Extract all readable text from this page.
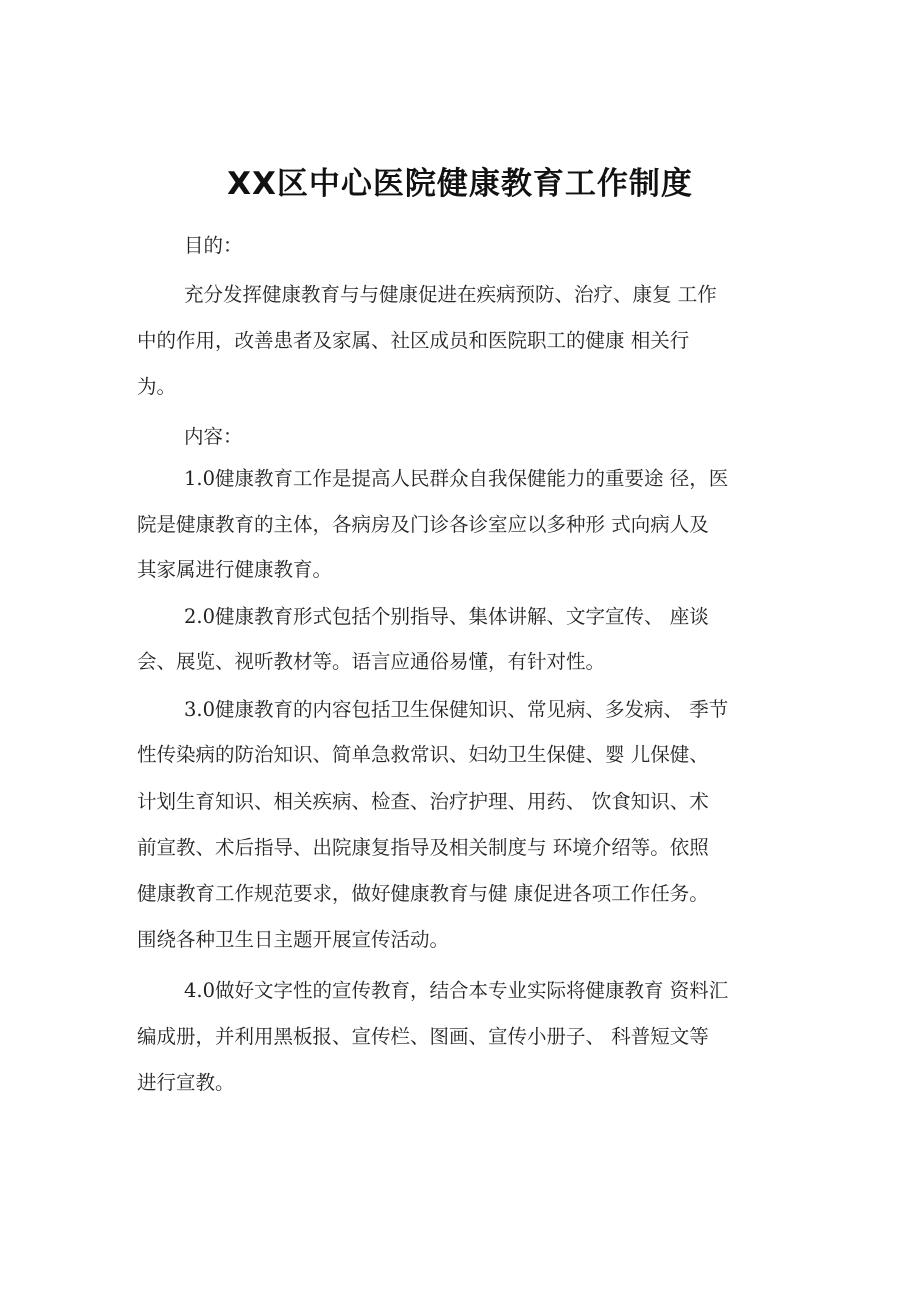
XX区中心医院健康教育工作制度
目的：
充分发挥健康教育与与健康促进在疾病预防、治疗、康复 工作
中的作用，改善患者及家属、社区成员和医院职工的健康 相关行
为。
内容：
1.0健康教育工作是提高人民群众自我保健能力的重要途 径，医
院是健康教育的主体，各病房及门诊各诊室应以多种形 式向病人及
其家属进行健康教育。
2.0健康教育形式包括个别指导、集体讲解、文字宣传、 座谈
会、展览、视听教材等。语言应通俗易懂，有针对性。
3.0健康教育的内容包括卫生保健知识、常见病、多发病、 季节
性传染病的防治知识、简单急救常识、妇幼卫生保健、婴 儿保健、
计划生育知识、相关疾病、检查、治疗护理、用药、 饮食知识、术
前宣教、术后指导、出院康复指导及相关制度与 环境介绍等。依照
健康教育工作规范要求，做好健康教育与健 康促进各项工作任务。
围绕各种卫生日主题开展宣传活动。
4.0做好文字性的宣传教育，结合本专业实际将健康教育 资料汇
编成册，并利用黑板报、宣传栏、图画、宣传小册子、 科普短文等
进行宣教。
